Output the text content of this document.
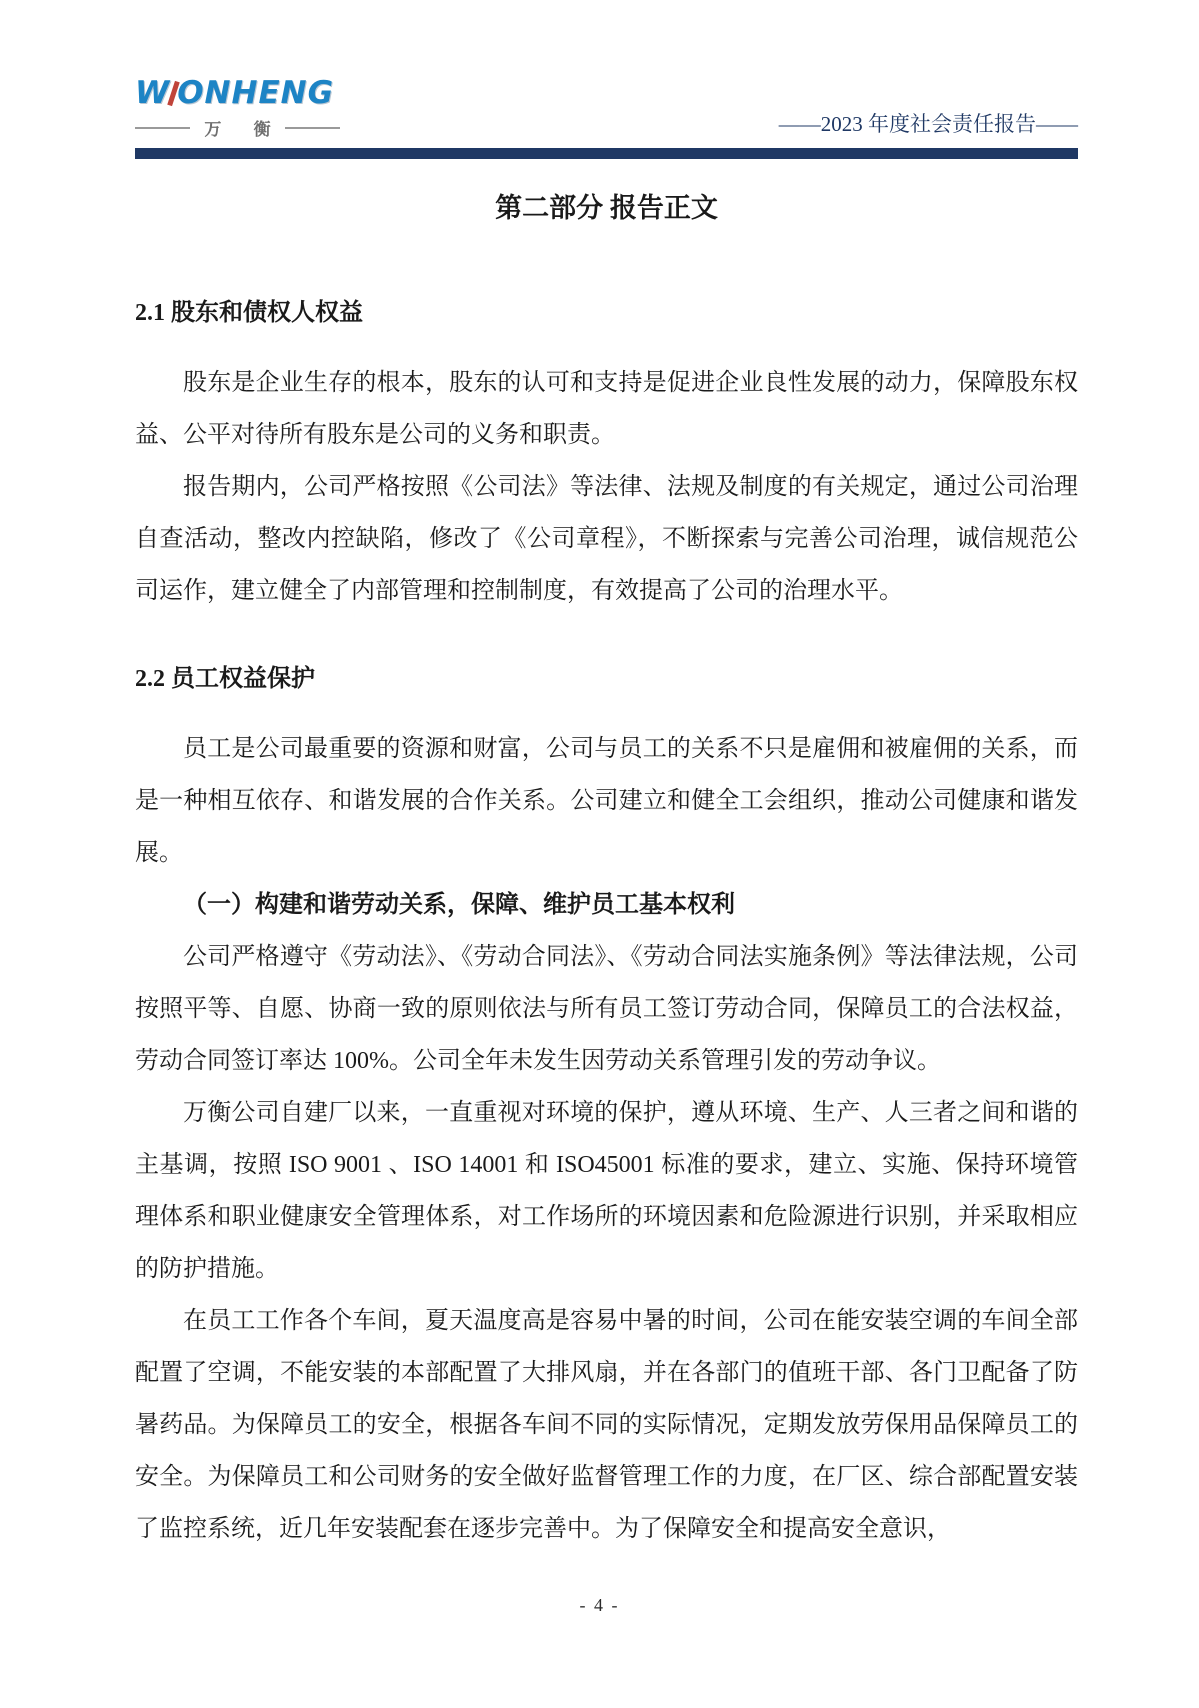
W ONHENG
万 衡	——2023 年度社会责任报告——
第二部分 报告正文
2.1 股东和债权人权益

股东是企业生存的根本，股东的认可和支持是促进企业良性发展的动力，保障股东权益、公平对待所有股东是公司的义务和职责。

报告期内，公司严格按照《公司法》等法律、法规及制度的有关规定，通过公司治理自查活动，整改内控缺陷，修改了《公司章程》，不断探索与完善公司治理，诚信规范公司运作，建立健全了内部管理和控制制度，有效提高了公司的治理水平。

2.2 员工权益保护

员工是公司最重要的资源和财富，公司与员工的关系不只是雇佣和被雇佣的关系，而是一种相互依存、和谐发展的合作关系。公司建立和健全工会组织，推动公司健康和谐发展。

（一）构建和谐劳动关系，保障、维护员工基本权利

公司严格遵守《劳动法》、《劳动合同法》、《劳动合同法实施条例》等法律法规，公司按照平等、自愿、协商一致的原则依法与所有员工签订劳动合同，保障员工的合法权益，劳动合同签订率达 100%。公司全年未发生因劳动关系管理引发的劳动争议。

万衡公司自建厂以来，一直重视对环境的保护，遵从环境、生产、人三者之间和谐的主基调，按照 ISO 9001 、ISO 14001 和 ISO45001 标准的要求，建立、实施、保持环境管理体系和职业健康安全管理体系，对工作场所的环境因素和危险源进行识别，并采取相应的防护措施。

在员工工作各个车间，夏天温度高是容易中暑的时间，公司在能安装空调的车间全部配置了空调，不能安装的本部配置了大排风扇，并在各部门的值班干部、各门卫配备了防暑药品。为保障员工的安全，根据各车间不同的实际情况，定期发放劳保用品保障员工的安全。为保障员工和公司财务的安全做好监督管理工作的力度，在厂区、综合部配置安装了监控系统，近几年安装配套在逐步完善中。为了保障安全和提高安全意识，

- 4 -
